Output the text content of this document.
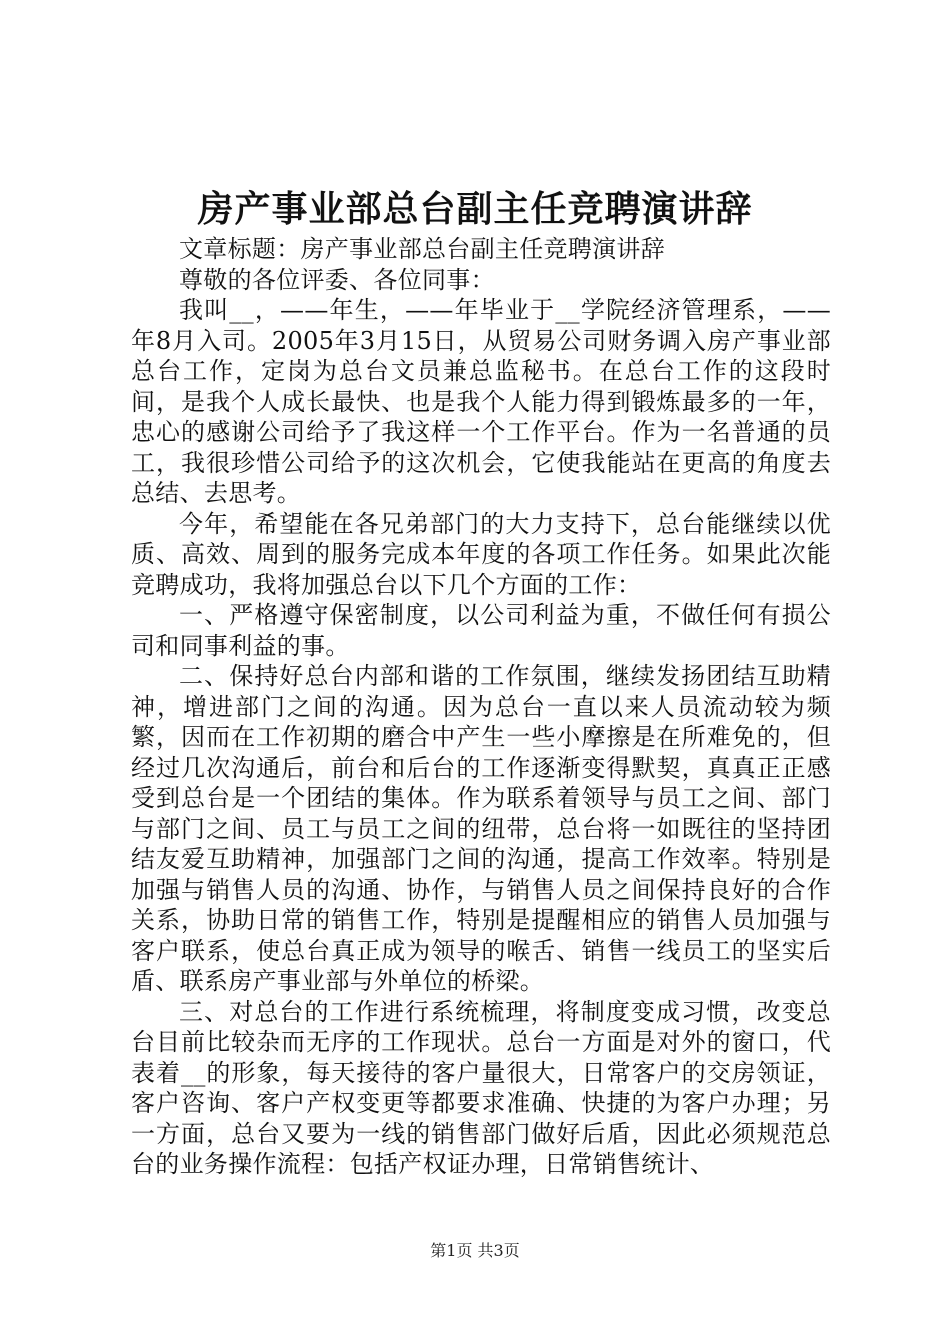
房产事业部总台副主任竞聘演讲辞

文章标题：房产事业部总台副主任竞聘演讲辞

尊敬的各位评委、各位同事：

我叫__，——年生，——年毕业于__学院经济管理系，——年8月入司。2005年3月15日，从贸易公司财务调入房产事业部总台工作，定岗为总台文员兼总监秘书。在总台工作的这段时间，是我个人成长最快、也是我个人能力得到锻炼最多的一年，忠心的感谢公司给予了我这样一个工作平台。作为一名普通的员工，我很珍惜公司给予的这次机会，它使我能站在更高的角度去总结、去思考。

今年，希望能在各兄弟部门的大力支持下，总台能继续以优质、高效、周到的服务完成本年度的各项工作任务。如果此次能竞聘成功，我将加强总台以下几个方面的工作：

一、严格遵守保密制度，以公司利益为重，不做任何有损公司和同事利益的事。

二、保持好总台内部和谐的工作氛围，继续发扬团结互助精神，增进部门之间的沟通。因为总台一直以来人员流动较为频繁，因而在工作初期的磨合中产生一些小摩擦是在所难免的，但经过几次沟通后，前台和后台的工作逐渐变得默契，真真正正感受到总台是一个团结的集体。作为联系着领导与员工之间、部门与部门之间、员工与员工之间的纽带，总台将一如既往的坚持团结友爱互助精神，加强部门之间的沟通，提高工作效率。特别是加强与销售人员的沟通、协作，与销售人员之间保持良好的合作关系，协助日常的销售工作，特别是提醒相应的销售人员加强与客户联系，使总台真正成为领导的喉舌、销售一线员工的坚实后盾、联系房产事业部与外单位的桥梁。

三、对总台的工作进行系统梳理，将制度变成习惯，改变总台目前比较杂而无序的工作现状。总台一方面是对外的窗口，代表着__的形象，每天接待的客户量很大，日常客户的交房领证，客户咨询、客户产权变更等都要求准确、快捷的为客户办理；另一方面，总台又要为一线的销售部门做好后盾，因此必须规范总台的业务操作流程：包括产权证办理，日常销售统计、

第1页 共3页
